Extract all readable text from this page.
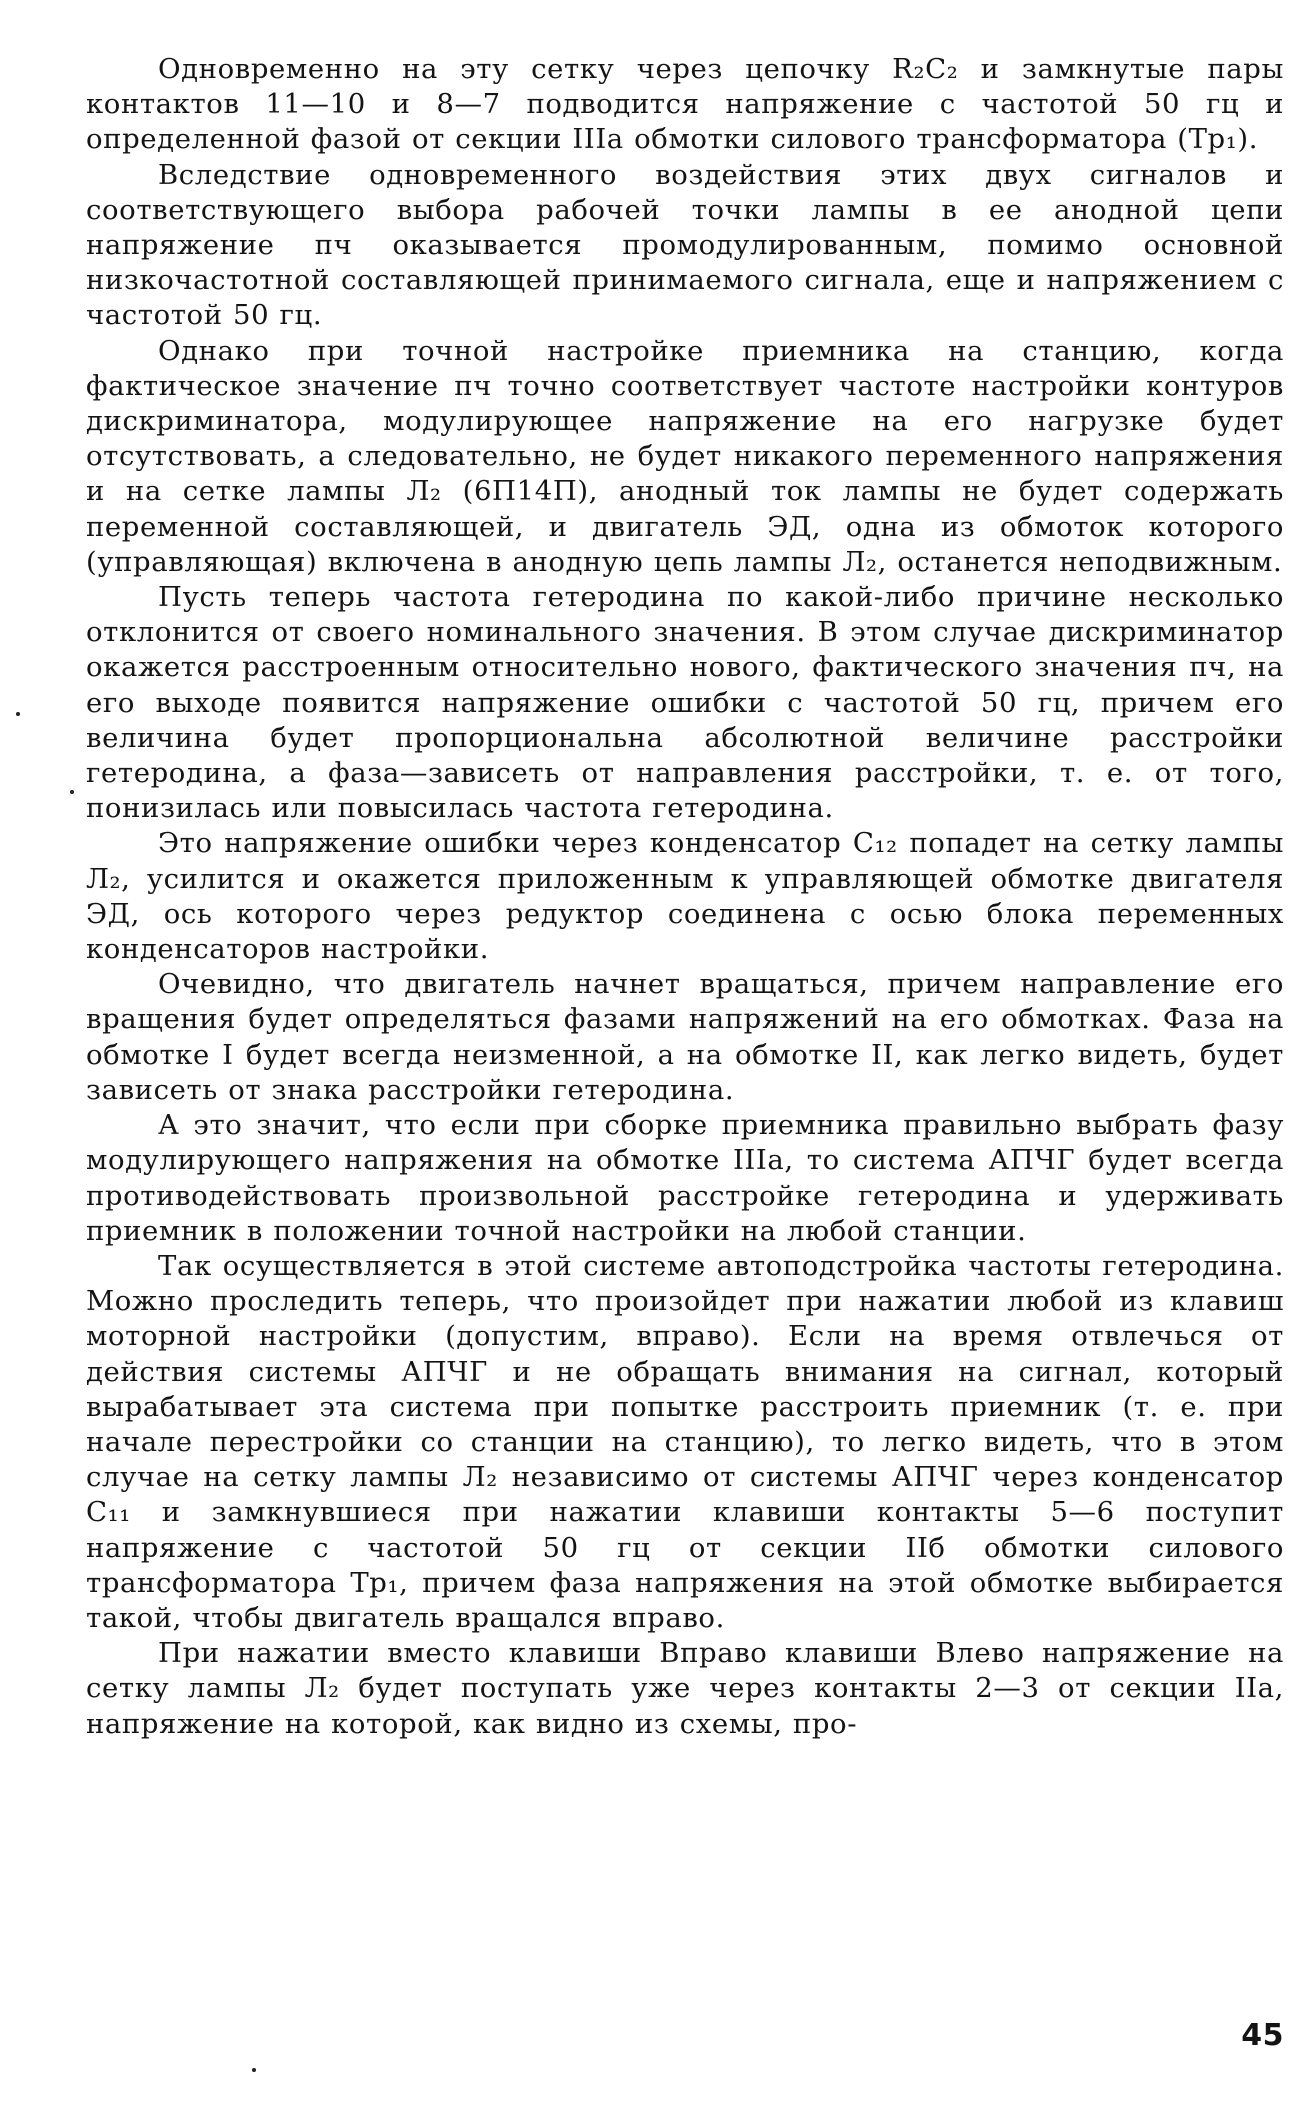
Одновременно на эту сетку через цепочку R₂C₂ и замкнутые пары контактов 11—10 и 8—7 подводится напряжение с частотой 50 гц и определенной фазой от секции IIIа обмотки силового трансформатора (Тр₁).

Вследствие одновременного воздействия этих двух сигналов и соответствующего выбора рабочей точки лампы в ее анодной цепи напряжение пч оказывается промодулированным, помимо основной низкочастотной составляющей принимаемого сигнала, еще и напряжением с частотой 50 гц.

Однако при точной настройке приемника на станцию, когда фактическое значение пч точно соответствует частоте настройки контуров дискриминатора, модулирующее напряжение на его нагрузке будет отсутствовать, а следовательно, не будет никакого переменного напряжения и на сетке лампы Л₂ (6П14П), анодный ток лампы не будет содержать переменной составляющей, и двигатель ЭД, одна из обмоток которого (управляющая) включена в анодную цепь лампы Л₂, останется неподвижным.

Пусть теперь частота гетеродина по какой-либо причине несколько отклонится от своего номинального значения. В этом случае дискриминатор окажется расстроенным относительно нового, фактического значения пч, на его выходе появится напряжение ошибки с частотой 50 гц, причем его величина будет пропорциональна абсолютной величине расстройки гетеродина, а фаза—зависеть от направления расстройки, т. е. от того, понизилась или повысилась частота гетеродина.

Это напряжение ошибки через конденсатор C₁₂ попадет на сетку лампы Л₂, усилится и окажется приложенным к управляющей обмотке двигателя ЭД, ось которого через редуктор соединена с осью блока переменных конденсаторов настройки.

Очевидно, что двигатель начнет вращаться, причем направление его вращения будет определяться фазами напряжений на его обмотках. Фаза на обмотке I будет всегда неизменной, а на обмотке II, как легко видеть, будет зависеть от знака расстройки гетеродина.

А это значит, что если при сборке приемника правильно выбрать фазу модулирующего напряжения на обмотке IIIа, то система АПЧГ будет всегда противодействовать произвольной расстройке гетеродина и удерживать приемник в положении точной настройки на любой станции.

Так осуществляется в этой системе автоподстройка частоты гетеродина. Можно проследить теперь, что произойдет при нажатии любой из клавиш моторной настройки (допустим, вправо). Если на время отвлечься от действия системы АПЧГ и не обращать внимания на сигнал, который вырабатывает эта система при попытке расстроить приемник (т. е. при начале перестройки со станции на станцию), то легко видеть, что в этом случае на сетку лампы Л₂ независимо от системы АПЧГ через конденсатор C₁₁ и замкнувшиеся при нажатии клавиши контакты 5—6 поступит напряжение с частотой 50 гц от секции IIб обмотки силового трансформатора Тр₁, причем фаза напряжения на этой обмотке выбирается такой, чтобы двигатель вращался вправо.

При нажатии вместо клавиши Вправо клавиши Влево напряжение на сетку лампы Л₂ будет поступать уже через контакты 2—3 от секции IIа, напряжение на которой, как видно из схемы, про-

45
